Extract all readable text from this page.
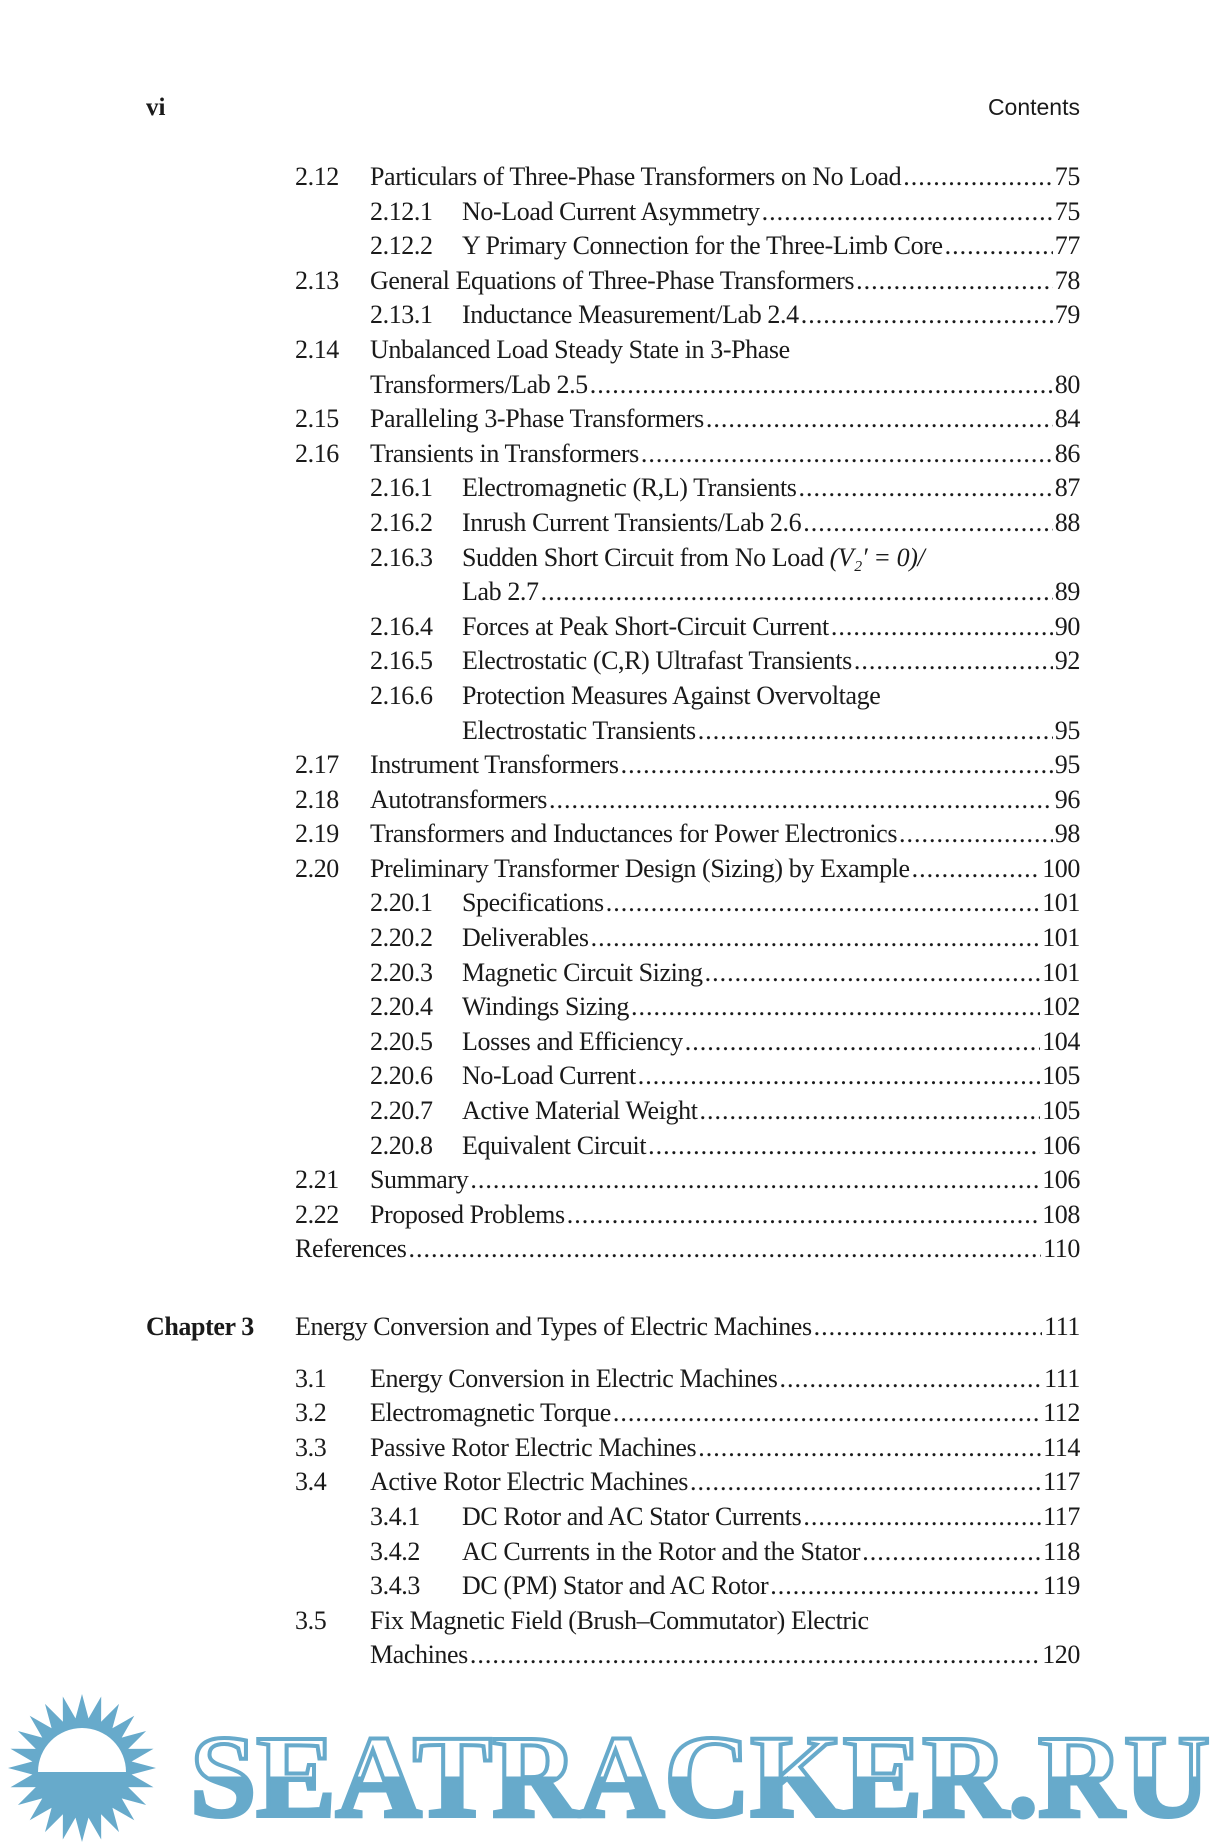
vi	Contents
2.12 Particulars of Three-Phase Transformers on No Load .....	75
2.12.1 No-Load Current Asymmetry .....	75
2.12.2 Y Primary Connection for the Three-Limb Core .....	77
2.13 General Equations of Three-Phase Transformers .....	78
2.13.1 Inductance Measurement/Lab 2.4 .....	79
2.14 Unbalanced Load Steady State in 3-Phase
Transformers/Lab 2.5 .....	80
2.15 Paralleling 3-Phase Transformers .....	84
2.16 Transients in Transformers .....	86
2.16.1 Electromagnetic (R,L) Transients .....	87
2.16.2 Inrush Current Transients/Lab 2.6 .....	88
2.16.3 Sudden Short Circuit from No Load (V₂′ = 0)/
Lab 2.7 .....	89
2.16.4 Forces at Peak Short-Circuit Current .....	90
2.16.5 Electrostatic (C,R) Ultrafast Transients .....	92
2.16.6 Protection Measures Against Overvoltage
Electrostatic Transients .....	95
2.17 Instrument Transformers .....	95
2.18 Autotransformers .....	96
2.19 Transformers and Inductances for Power Electronics .....	98
2.20 Preliminary Transformer Design (Sizing) by Example .....	100
2.20.1 Specifications .....	101
2.20.2 Deliverables .....	101
2.20.3 Magnetic Circuit Sizing .....	101
2.20.4 Windings Sizing .....	102
2.20.5 Losses and Efficiency .....	104
2.20.6 No-Load Current .....	105
2.20.7 Active Material Weight .....	105
2.20.8 Equivalent Circuit .....	106
2.21 Summary .....	106
2.22 Proposed Problems .....	108
References .....	110
Chapter 3 Energy Conversion and Types of Electric Machines .....	111
3.1 Energy Conversion in Electric Machines .....	111
3.2 Electromagnetic Torque .....	112
3.3 Passive Rotor Electric Machines .....	114
3.4 Active Rotor Electric Machines .....	117
3.4.1 DC Rotor and AC Stator Currents .....	117
3.4.2 AC Currents in the Rotor and the Stator .....	118
3.4.3 DC (PM) Stator and AC Rotor .....	119
3.5 Fix Magnetic Field (Brush–Commutator) Electric
Machines .....	120
SEATRACKER.RU
